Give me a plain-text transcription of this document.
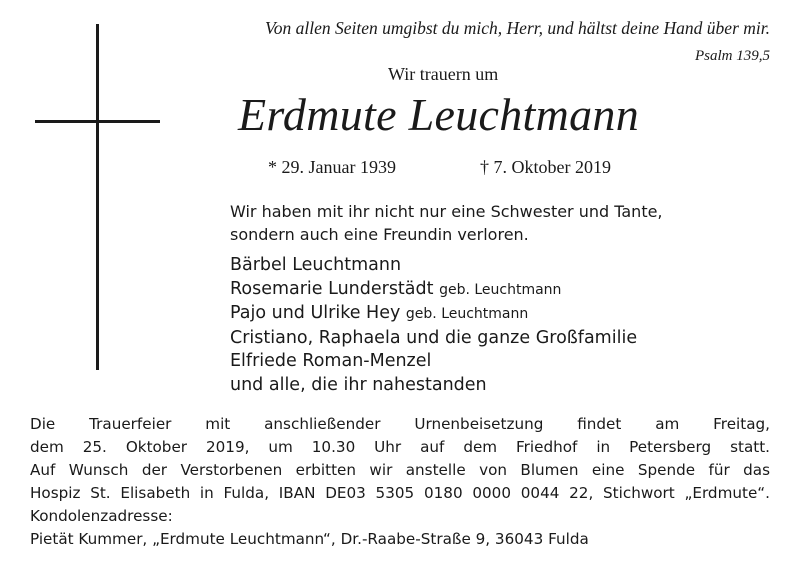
Von allen Seiten umgibst du mich, Herr, und hältst deine Hand über mir.
Psalm 139,5
Wir trauern um
Erdmute Leuchtmann
* 29. Januar 1939	† 7. Oktober 2019
Wir haben mit ihr nicht nur eine Schwester und Tante,
sondern auch eine Freundin verloren.
Bärbel Leuchtmann
Rosemarie Lunderstädt geb. Leuchtmann
Pajo und Ulrike Hey geb. Leuchtmann
Cristiano, Raphaela und die ganze Großfamilie
Elfriede Roman-Menzel
und alle, die ihr nahestanden
Die Trauerfeier mit anschließender Urnenbeisetzung findet am Freitag,
dem 25. Oktober 2019, um 10.30 Uhr auf dem Friedhof in Petersberg statt.
Auf Wunsch der Verstorbenen erbitten wir anstelle von Blumen eine Spende für das
Hospiz St. Elisabeth in Fulda, IBAN DE03 5305 0180 0000 0044 22, Stichwort „Erdmute“.
Kondolenzadresse:
Pietät Kummer, „Erdmute Leuchtmann“, Dr.-Raabe-Straße 9, 36043 Fulda
